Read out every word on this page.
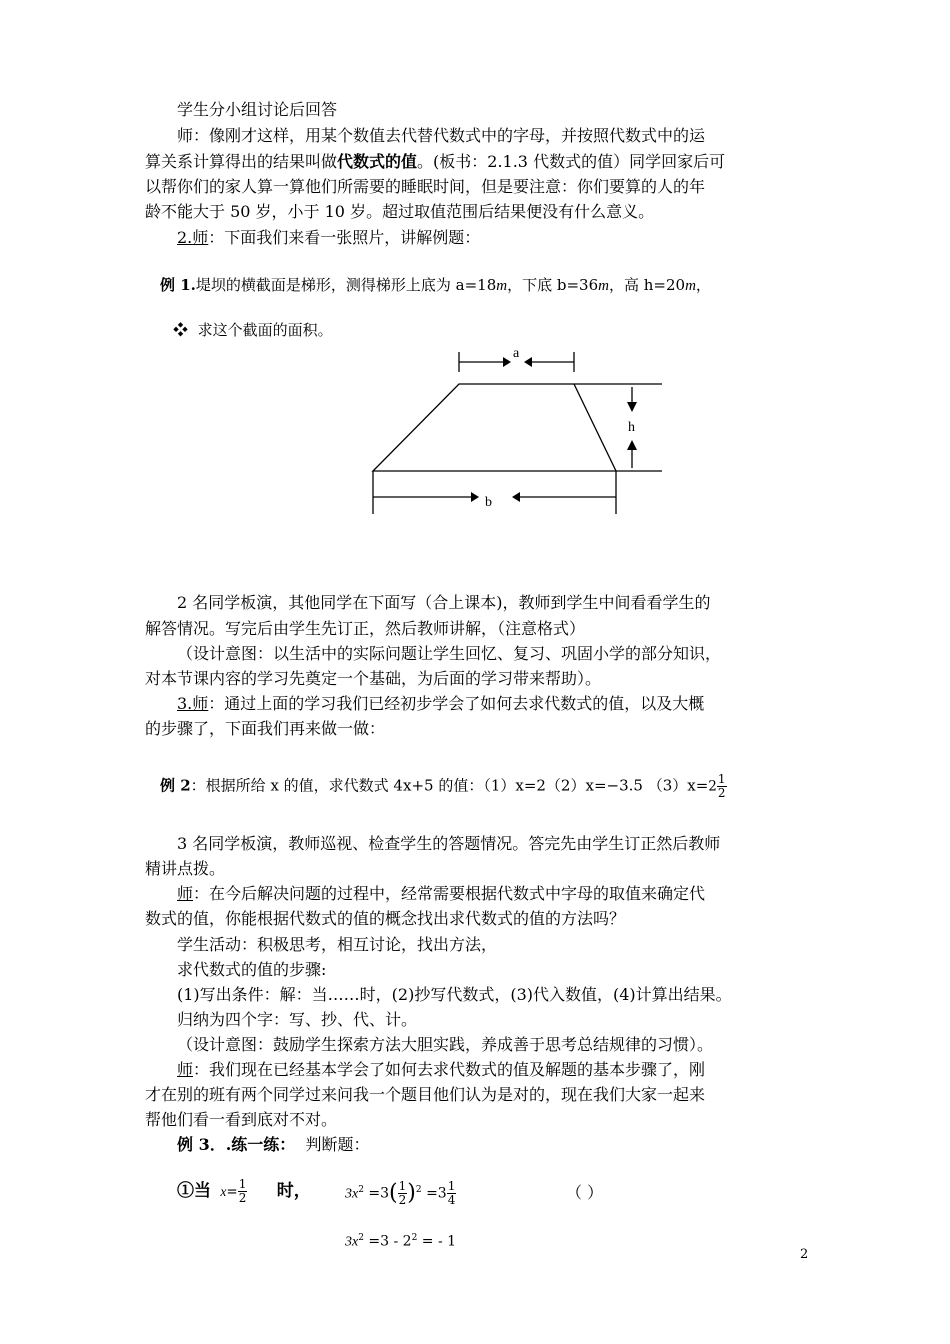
学生分小组讨论后回答
师：像刚才这样，用某个数值去代替代数式中的字母，并按照代数式中的运
算关系计算得出的结果叫做代数式的值。(板书：2.1.3 代数式的值）同学回家后可
以帮你们的家人算一算他们所需要的睡眠时间，但是要注意：你们要算的人的年
龄不能大于 50 岁，小于 10 岁。超过取值范围后结果便没有什么意义。
2.师：下面我们来看一张照片，讲解例题：
例 1.堤坝的横截面是梯形，测得梯形上底为 a=18m，下底 b=36m，高 h=20m，
❖ 求这个截面的面积。
a
h
b
2 名同学板演，其他同学在下面写（合上课本)，教师到学生中间看看学生的
解答情况。写完后由学生先订正，然后教师讲解，（注意格式）
（设计意图：以生活中的实际问题让学生回忆、复习、巩固小学的部分知识，
对本节课内容的学习先奠定一个基础，为后面的学习带来帮助）。
3.师：通过上面的学习我们已经初步学会了如何去求代数式的值，以及大概
的步骤了，下面我们再来做一做：
例 2：根据所给 x 的值，求代数式 4x+5 的值：（1）x=2（2）x=−3.5 $(3)x=2 \frac{1}{2}$
3 名同学板演，教师巡视、检查学生的答题情况。答完先由学生订正然后教师
精讲点拨。
师：在今后解决问题的过程中，经常需要根据代数式中字母的取值来确定代
数式的值，你能根据代数式的值的概念找出求代数式的值的方法吗？
学生活动：积极思考，相互讨论，找出方法，
求代数式的值的步骤:
(1)写出条件：解：当……时，(2)抄写代数式，(3)代入数值，(4)计算出结果。
归纳为四个字：写、抄、代、计。
（设计意图：鼓励学生探索方法大胆实践，养成善于思考总结规律的习惯）。
师：我们现在已经基本学会了如何去求代数式的值及解题的基本步骤了，刚
才在别的班有两个同学过来问我一个题目他们认为是对的，现在我们大家一起来
帮他们看一看到底对不对。
例 3．.练一练： 判断题：
①当 $x= \frac{1}{2}$ 时， $3x^2 =3( \frac{1}{2} )^2 =3 \frac{1}{4}$	（ ）
$3x^2 =3 - 2^2$ = - 1
2
